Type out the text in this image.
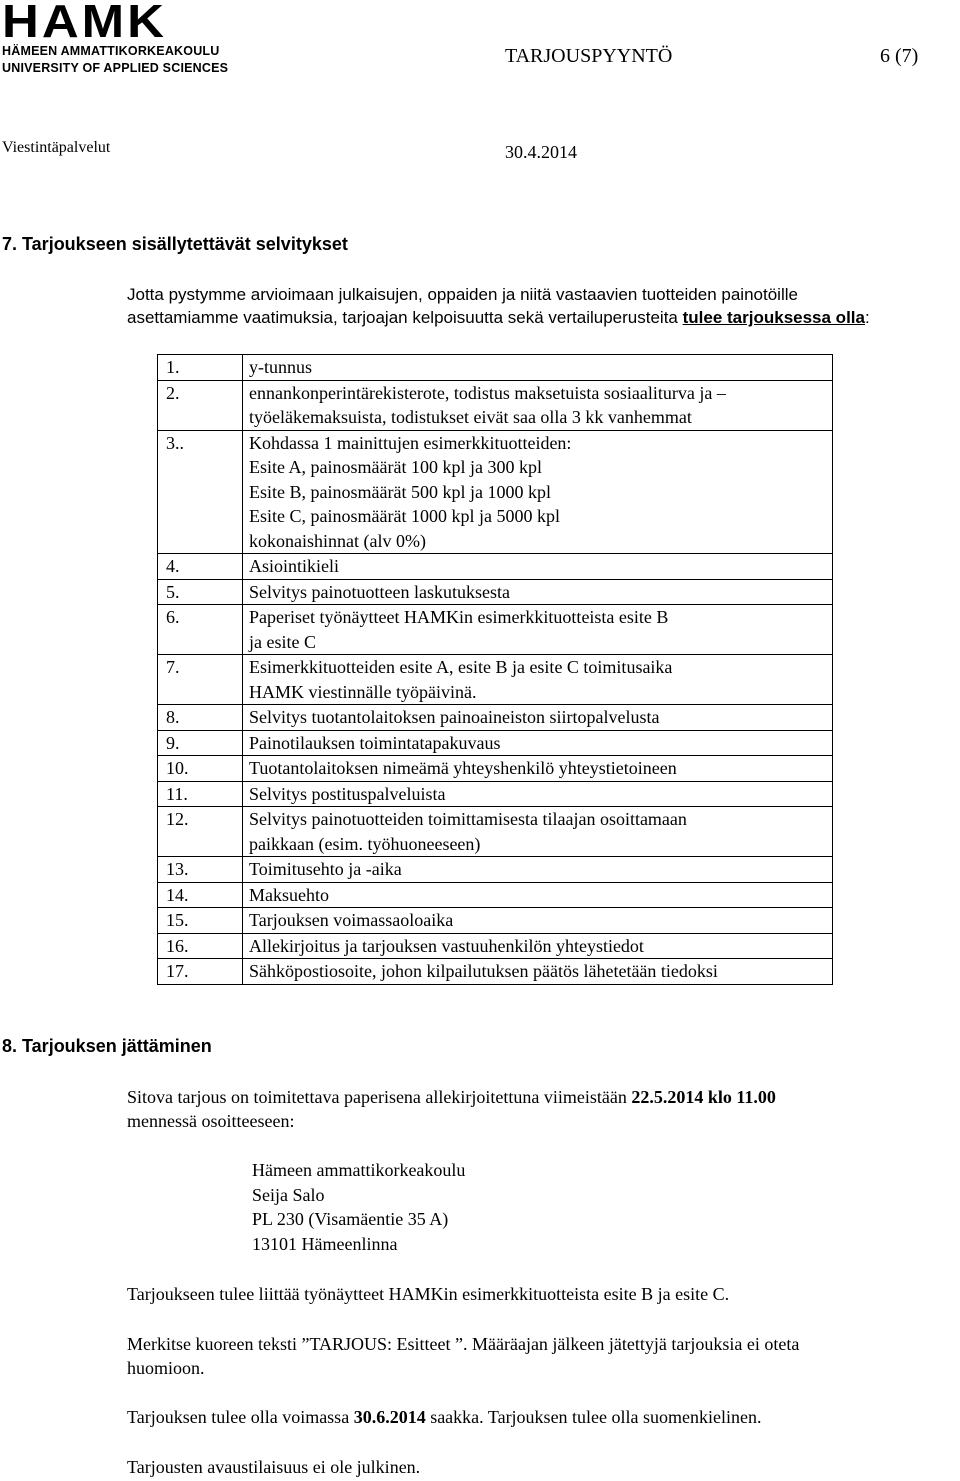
HAMK
HÄMEEN AMMATTIKORKEAKOULU
UNIVERSITY OF APPLIED SCIENCES
TARJOUSPYYNTÖ	6 (7)
Viestintäpalvelut	30.4.2014
7. Tarjoukseen sisällytettävät selvitykset
Jotta pystymme arvioimaan julkaisujen, oppaiden ja niitä vastaavien tuotteiden painotöille
asettamiamme vaatimuksia, tarjoajan kelpoisuutta sekä vertailuperusteita tulee tarjouksessa olla:
1.	y-tunnus

2.	ennankonperintärekisterote, todistus maksetuista sosiaaliturva ja –
työeläkemaksuista, todistukset eivät saa olla 3 kk vanhemmat

3..	Kohdassa 1 mainittujen esimerkkituotteiden:
Esite A, painosmäärät 100 kpl ja 300 kpl
Esite B, painosmäärät 500 kpl ja 1000 kpl
Esite C, painosmäärät 1000 kpl ja 5000 kpl
kokonaishinnat (alv 0%)

4.	Asiointikieli

5.	Selvitys painotuotteen laskutuksesta

6.	Paperiset työnäytteet HAMKin esimerkkituotteista esite B
ja esite C

7.	Esimerkkituotteiden esite A, esite B ja esite C toimitusaika
HAMK viestinnälle työpäivinä.

8.	Selvitys tuotantolaitoksen painoaineiston siirtopalvelusta

9.	Painotilauksen toimintatapakuvaus

10.	Tuotantolaitoksen nimeämä yhteyshenkilö yhteystietoineen

11.	Selvitys postituspalveluista

12.	Selvitys painotuotteiden toimittamisesta tilaajan osoittamaan
paikkaan (esim. työhuoneeseen)

13.	Toimitusehto ja -aika

14.	Maksuehto

15.	Tarjouksen voimassaoloaika

16.	Allekirjoitus ja tarjouksen vastuuhenkilön yhteystiedot

17.	Sähköpostiosoite, johon kilpailutuksen päätös lähetetään tiedoksi
8. Tarjouksen jättäminen
Sitova tarjous on toimitettava paperisena allekirjoitettuna viimeistään 22.5.2014 klo 11.00
mennessä osoitteeseen:
Hämeen ammattikorkeakoulu
Seija Salo
PL 230 (Visamäentie 35 A)
13101 Hämeenlinna
Tarjoukseen tulee liittää työnäytteet HAMKin esimerkkituotteista esite B ja esite C.
Merkitse kuoreen teksti ”TARJOUS: Esitteet ”. Määräajan jälkeen jätettyjä tarjouksia ei oteta
huomioon.
Tarjouksen tulee olla voimassa 30.6.2014 saakka. Tarjouksen tulee olla suomenkielinen.
Tarjousten avaustilaisuus ei ole julkinen.
